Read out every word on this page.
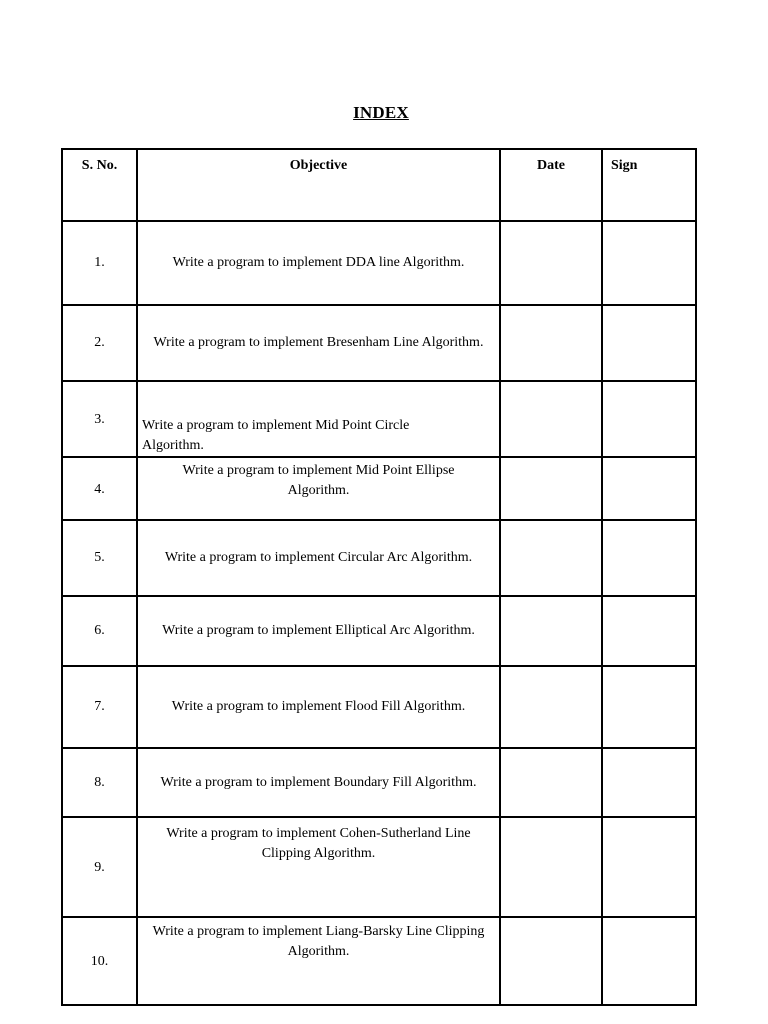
INDEX
S. No.	Objective	Date	Sign
1.	Write a program to implement DDA line Algorithm.		
2.	Write a program to implement Bresenham Line Algorithm.		
3.	Write a program to implement Mid Point Circle Algorithm.		
4.	Write a program to implement Mid Point Ellipse Algorithm.		
5.	Write a program to implement Circular Arc Algorithm.		
6.	Write a program to implement Elliptical Arc Algorithm.		
7.	Write a program to implement Flood Fill Algorithm.		
8.	Write a program to implement Boundary Fill Algorithm.		
9.	Write a program to implement Cohen-Sutherland Line Clipping Algorithm.		
10.	Write a program to implement Liang-Barsky Line Clipping Algorithm.		
